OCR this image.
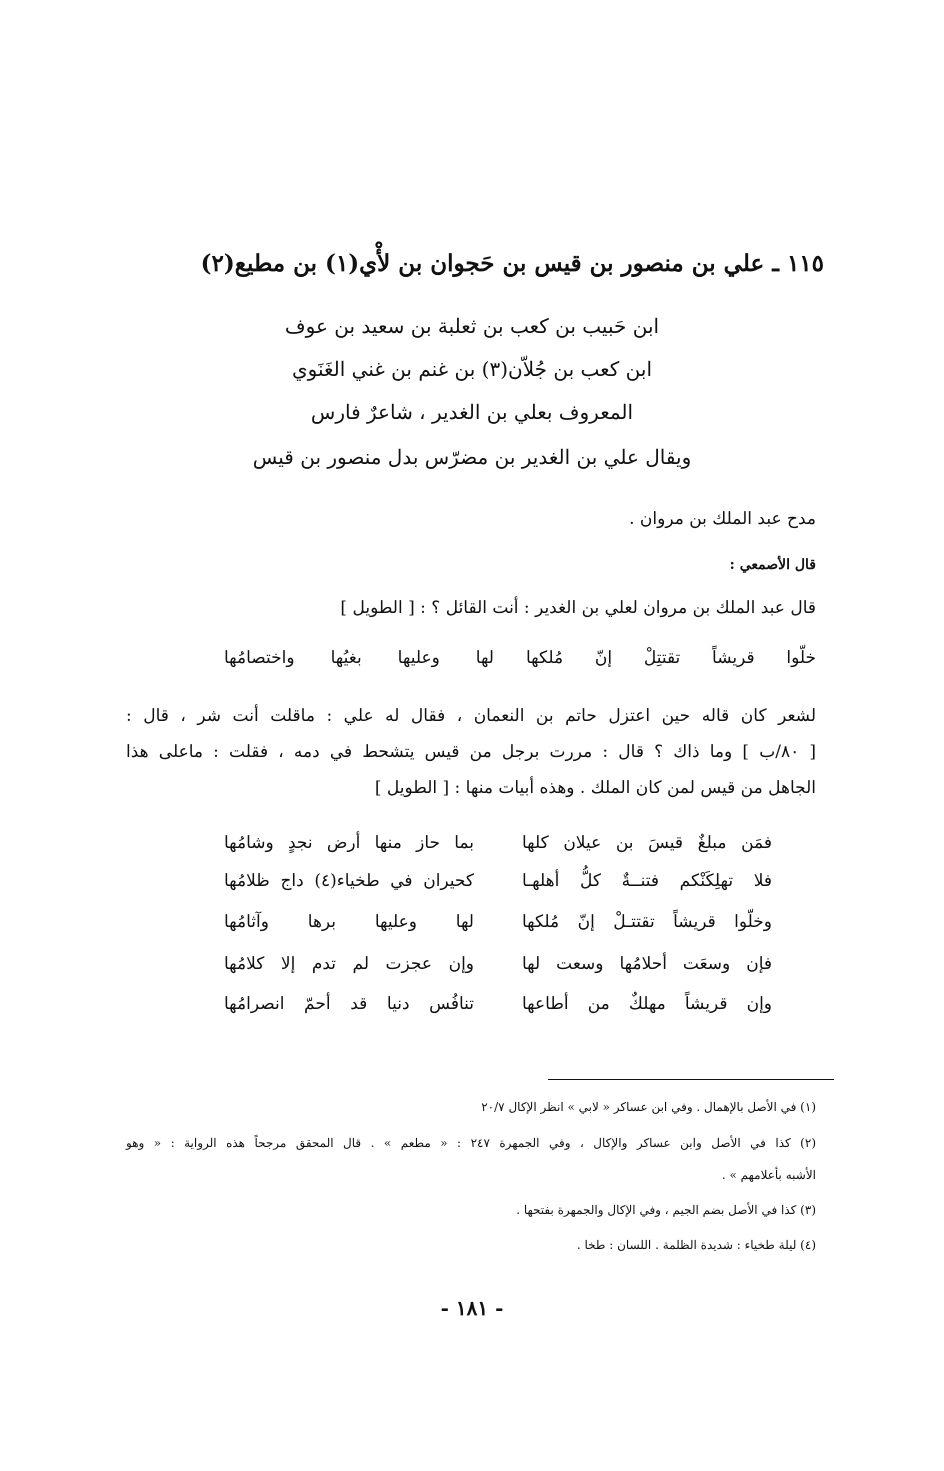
١١٥ ـ علي بن منصور بن قيس بن حَجوان بن لأْي(١) بن مطيع(٢)
ابن حَبيب بن كعب بن ثعلبة بن سعيد بن عوف
ابن كعب بن جُلاّن(٣) بن غنم بن غني الغَنَوي
المعروف بعلي بن الغدير ، شاعرٌ فارس
ويقال علي بن الغدير بن مضرّس بدل منصور بن قيس
مدح عبد الملك بن مروان .
قال الأصمعي :
قال عبد الملك بن مروان لعلي بن الغدير : أنت القائل ؟ : [ الطويل ]
خلّوا قريشاً تقتتِلْ إنّ مُلكها
لها وعليها بغيُها واختصامُها
لشعر كان قاله حين اعتزل حاتم بن النعمان ، فقال له علي : ماقلت أنت شر ، قال :
[ ٨٠/ب ] وما ذاك ؟ قال : مررت برجل من قيس يتشحط في دمه ، فقلت : ماعلى هذا
الجاهل من قيس لمن كان الملك . وهذه أبيات منها : [ الطويل ]
فمَن مبلغٌ قيسَ بن عيلان كلها
بما حاز منها أرض نجدٍ وشامُها
فلا تهلِكَنْكم فتنــةٌ كلُّ أهلهـا
كحيران في طخياء(٤) داج ظلامُها
وخلّوا قريشاً تقتتـلْ إنّ مُلكها
لها وعليها برها وآثامُها
فإن وسعَت أحلامُها وسعت لها
وإن عجزت لم تدم إلا كلامُها
وإن قريشاً مهلكٌ من أطاعها
تنافُس دنيا قد أحمّ انصرامُها
(١) في الأصل بالإهمال . وفي ابن عساكر « لابي » انظر الإكال ٢٠/٧
(٢) كذا في الأصل وابن عساكر والإكال ، وفي الجمهرة ٢٤٧ : « مطعم » . قال المحقق مرجحاً هذه الرواية : « وهو
الأشبه بأعلامهم » .
(٣) كذا في الأصل بضم الجيم ، وفي الإكال والجمهرة بفتحها .
(٤) ليلة طخياء : شديدة الظلمة . اللسان : طخا .
- ١٨١ -
